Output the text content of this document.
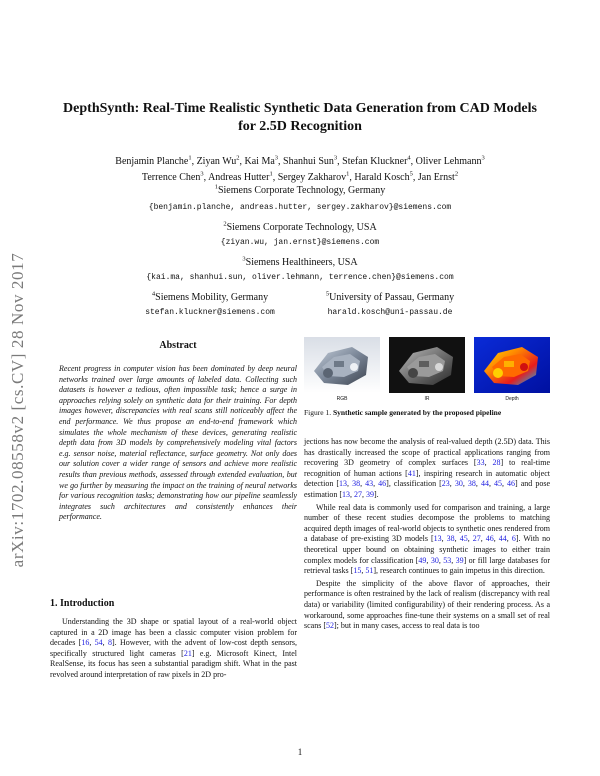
arXiv:1702.08558v2 [cs.CV] 28 Nov 2017
DepthSynth: Real-Time Realistic Synthetic Data Generation from CAD Models
for 2.5D Recognition
Benjamin Planche$^1$, Ziyan Wu$^2$, Kai Ma$^3$, Shanhui Sun$^3$, Stefan Kluckner$^4$, Oliver Lehmann$^3$
Terrence Chen$^3$, Andreas Hutter$^1$, Sergey Zakharov$^1$, Harald Kosch$^5$, Jan Ernst$^2$
$^1$Siemens Corporate Technology, Germany
{benjamin.planche, andreas.hutter, sergey.zakharov}@siemens.com
$^2$Siemens Corporate Technology, USA
{ziyan.wu, jan.ernst}@siemens.com
$^3$Siemens Healthineers, USA
{kai.ma, shanhui.sun, oliver.lehmann, terrence.chen}@siemens.com
$^4$Siemens Mobility, Germany
stefan.kluckner@siemens.com
$^5$University of Passau, Germany
harald.kosch@uni-passau.de
Abstract
Recent progress in computer vision has been dominated by deep neural networks trained over large amounts of labeled data. Collecting such datasets is however a tedious, often impossible task; hence a surge in approaches relying solely on synthetic data for their training. For depth images however, discrepancies with real scans still noticeably affect the end performance. We thus propose an end-to-end framework which simulates the whole mechanism of these devices, generating realistic depth data from 3D models by comprehensively modeling vital factors e.g. sensor noise, material reflectance, surface geometry. Not only does our solution cover a wider range of sensors and achieve more realistic results than previous methods, assessed through extended evaluation, but we go further by measuring the impact on the training of neural networks for various recognition tasks; demonstrating how our pipeline seamlessly integrates such architectures and consistently enhances their performance.
1. Introduction
Understanding the 3D shape or spatial layout of a real-world object captured in a 2D image has been a classic computer vision problem for decades [16, 54, 8]. However, with the advent of low-cost depth sensors, specifically structured light cameras [21] e.g. Microsoft Kinect, Intel RealSense, its focus has seen a substantial paradigm shift. What in the past revolved around interpretation of raw pixels in 2D pro-
RGB	IR	Depth
Figure 1. Synthetic sample generated by the proposed pipeline
jections has now become the analysis of real-valued depth (2.5D) data. This has drastically increased the scope of practical applications ranging from recovering 3D geometry of complex surfaces [33, 28] to real-time recognition of human actions [41], inspiring research in automatic object detection [13, 38, 43, 46], classification [23, 30, 38, 44, 45, 46] and pose estimation [13, 27, 39].
While real data is commonly used for comparison and training, a large number of these recent studies decompose the problems to matching acquired depth images of real-world objects to synthetic ones rendered from a database of pre-existing 3D models [13, 38, 45, 27, 46, 44, 6]. With no theoretical upper bound on obtaining synthetic images to either train complex models for classification [49, 30, 53, 39] or fill large databases for retrieval tasks [15, 51], research continues to gain impetus in this direction.
Despite the simplicity of the above flavor of approaches, their performance is often restrained by the lack of realism (discrepancy with real data) or variability (limited configurability) of their rendering process. As a workaround, some approaches fine-tune their systems on a small set of real scans [52]; but in many cases, access to real data is too
1
